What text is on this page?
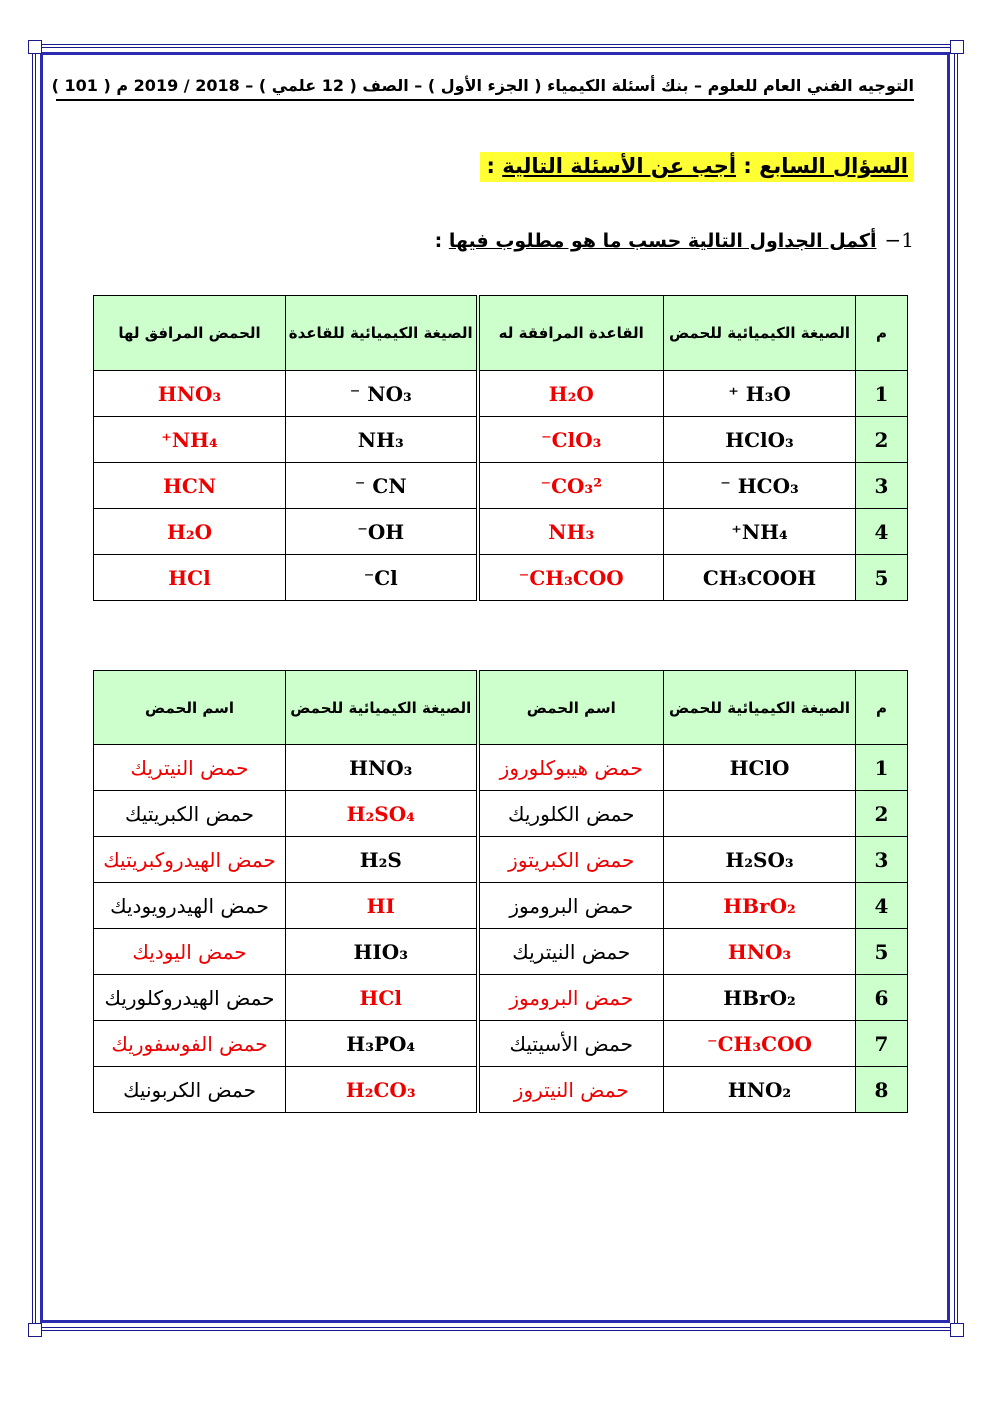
التوجيه الفني العام للعلوم – بنك أسئلة الكيمياء ( الجزء الأول ) – الصف ( 12 علمي ) – 2018 / 2019 م ( 101 )
السؤال السابع : أجب عن الأسئلة التالية :
1−أكمل الجداول التالية حسب ما هو مطلوب فيها :
م	الصيغة الكيميائية للحمض	القاعدة المرافقة له	الصيغة الكيميائية للقاعدة	الحمض المرافق لها
1	H₃O ⁺	H₂O	NO₃ ⁻	HNO₃
2	HClO₃	ClO₃⁻	NH₃	NH₄⁺
3	HCO₃ ⁻	CO₃²⁻	CN ⁻	HCN
4	NH₄⁺	NH₃	OH⁻	H₂O
5	CH₃COOH	CH₃COO⁻	Cl⁻	HCl
م	الصيغة الكيميائية للحمض	اسم الحمض	الصيغة الكيميائية للحمض	اسم الحمض
1	HClO	حمض هيبوكلوروز	HNO₃	حمض النيتريك
2		حمض الكلوريك	H₂SO₄	حمض الكبريتيك
3	H₂SO₃	حمض الكبريتوز	H₂S	حمض الهيدروكبريتيك
4	HBrO₂	حمض البروموز	HI	حمض الهيدرويوديك
5	HNO₃	حمض النيتريك	HIO₃	حمض اليوديك
6	HBrO₂	حمض البروموز	HCl	حمض الهيدروكلوريك
7	CH₃COO⁻	حمض الأسيتيك	H₃PO₄	حمض الفوسفوريك
8	HNO₂	حمض النيتروز	H₂CO₃	حمض الكربونيك
